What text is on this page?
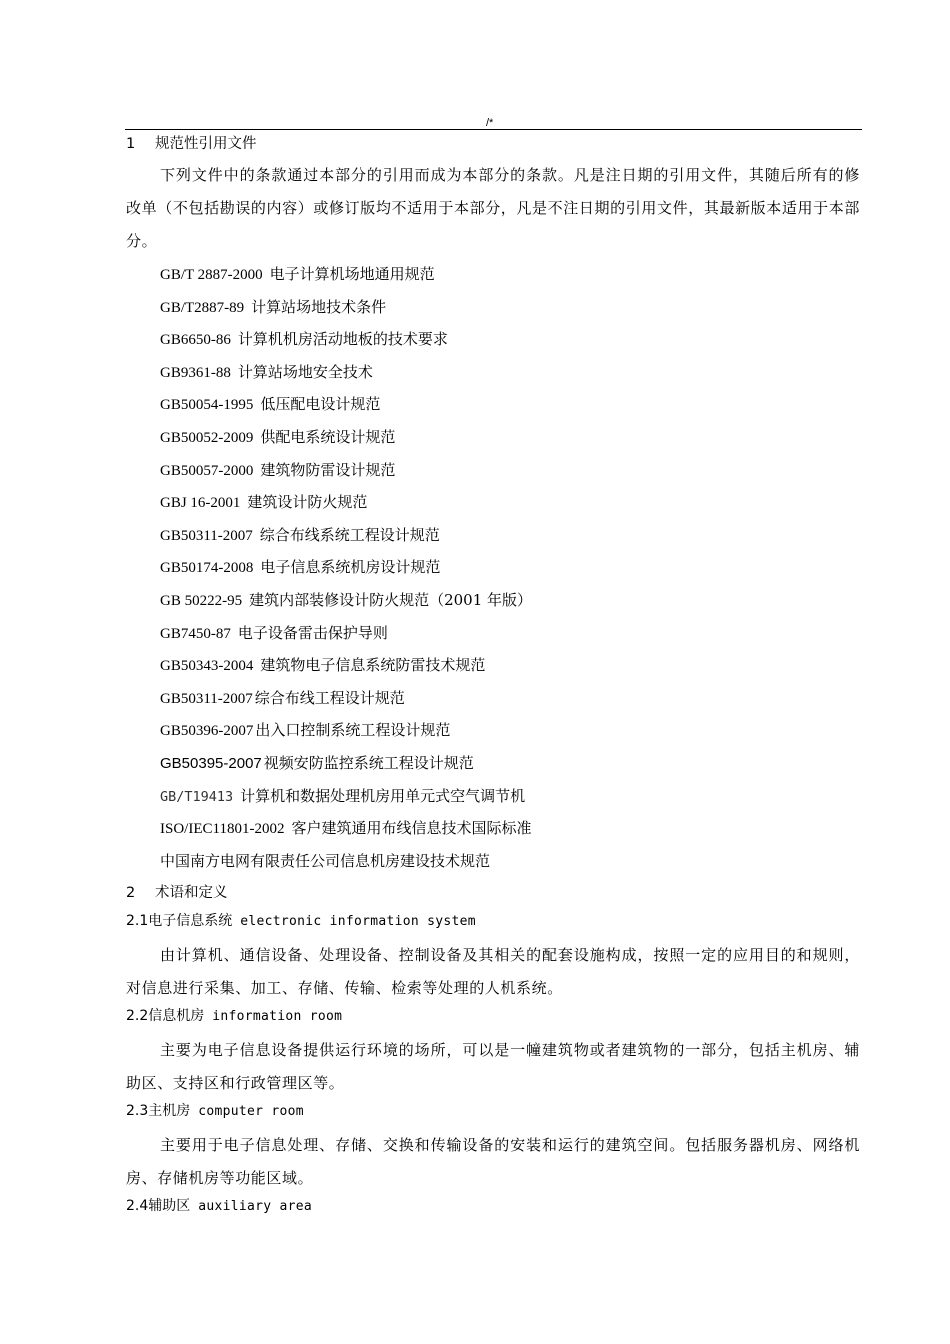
/*
1 规范性引用文件

下列文件中的条款通过本部分的引用而成为本部分的条款。凡是注日期的引用文件，其随后所有的修改单（不包括勘误的内容）或修订版均不适用于本部分，凡是不注日期的引用文件，其最新版本适用于本部分。

GB/T 2887-2000 电子计算机场地通用规范
GB/T2887-89 计算站场地技术条件
GB6650-86 计算机机房活动地板的技术要求
GB9361-88 计算站场地安全技术
GB50054-1995 低压配电设计规范
GB50052-2009 供配电系统设计规范
GB50057-2000 建筑物防雷设计规范
GBJ 16-2001 建筑设计防火规范
GB50311-2007 综合布线系统工程设计规范
GB50174-2008 电子信息系统机房设计规范
GB 50222-95 建筑内部装修设计防火规范（2001 年版）
GB7450-87 电子设备雷击保护导则
GB50343-2004 建筑物电子信息系统防雷技术规范
GB50311-2007 综合布线工程设计规范
GB50396-2007 出入口控制系统工程设计规范
GB50395-2007 视频安防监控系统工程设计规范
GB/T19413 计算机和数据处理机房用单元式空气调节机
ISO/IEC11801-2002 客户建筑通用布线信息技术国际标准
中国南方电网有限责任公司信息机房建设技术规范
2 术语和定义
2.1电子信息系统 electronic information system

由计算机、通信设备、处理设备、控制设备及其相关的配套设施构成，按照一定的应用目的和规则，对信息进行采集、加工、存储、传输、检索等处理的人机系统。

2.2信息机房 information room

主要为电子信息设备提供运行环境的场所，可以是一幢建筑物或者建筑物的一部分，包括主机房、辅助区、支持区和行政管理区等。

2.3主机房 computer room

主要用于电子信息处理、存储、交换和传输设备的安装和运行的建筑空间。包括服务器机房、网络机房、存储机房等功能区域。

2.4辅助区 auxiliary area
